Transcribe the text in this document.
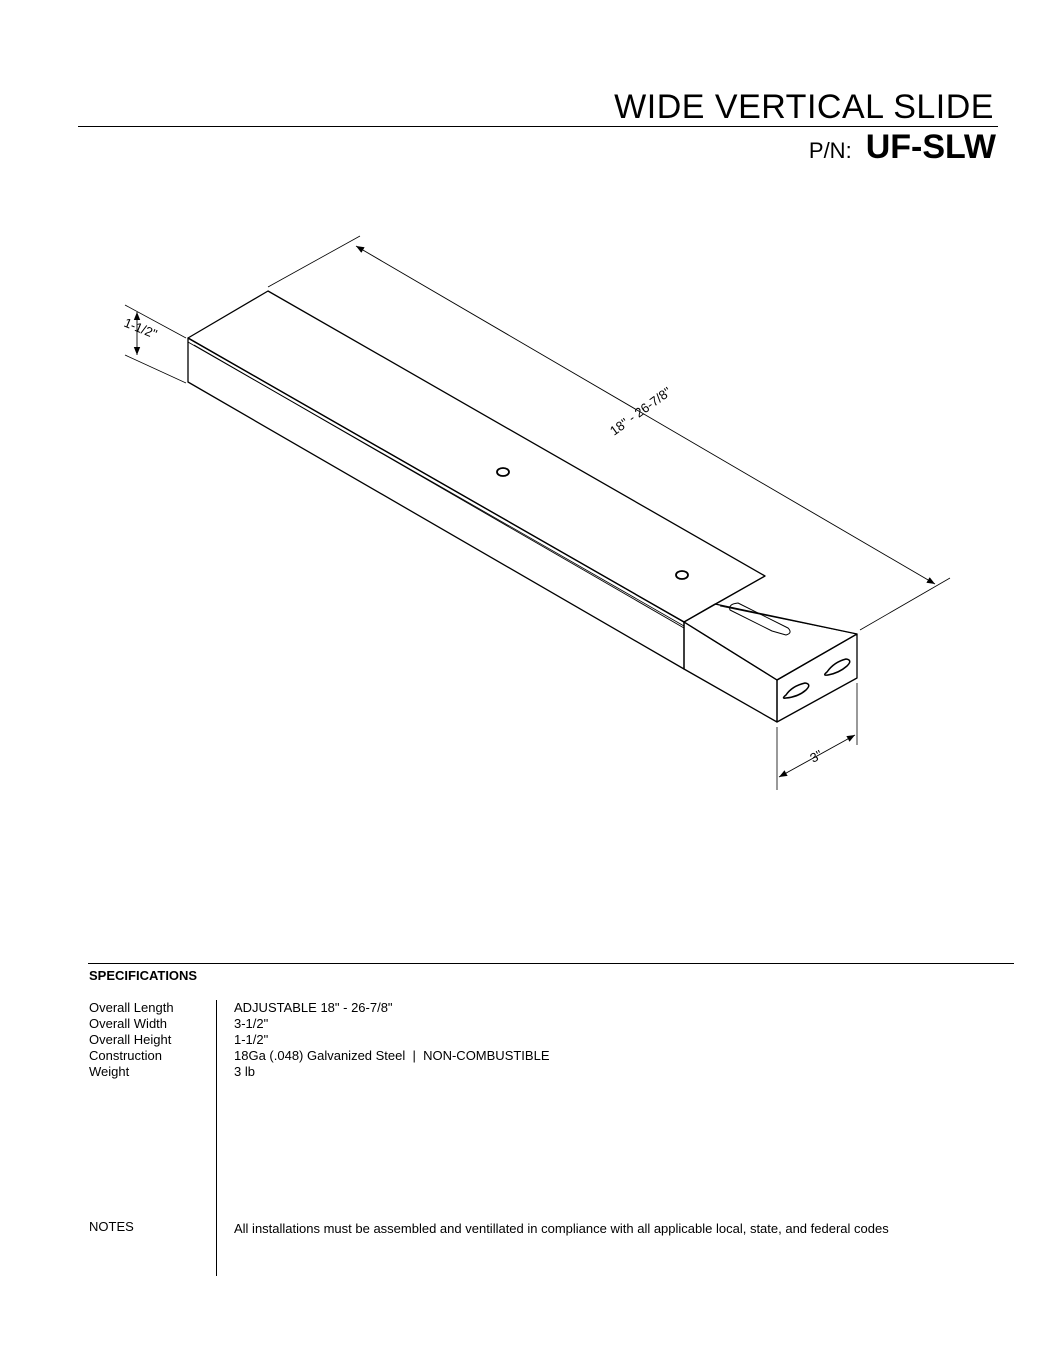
WIDE VERTICAL SLIDE
P/N: UF-SLW
1-1/2"
18" - 26-7/8"
3"
SPECIFICATIONS
Overall Length
Overall Width
Overall Height
Construction
Weight
ADJUSTABLE 18" - 26-7/8"
3-1/2"
1-1/2"
18Ga (.048) Galvanized Steel  |  NON-COMBUSTIBLE
3 lb
NOTES	All installations must be assembled and ventillated in compliance with all applicable local, state, and federal codes
